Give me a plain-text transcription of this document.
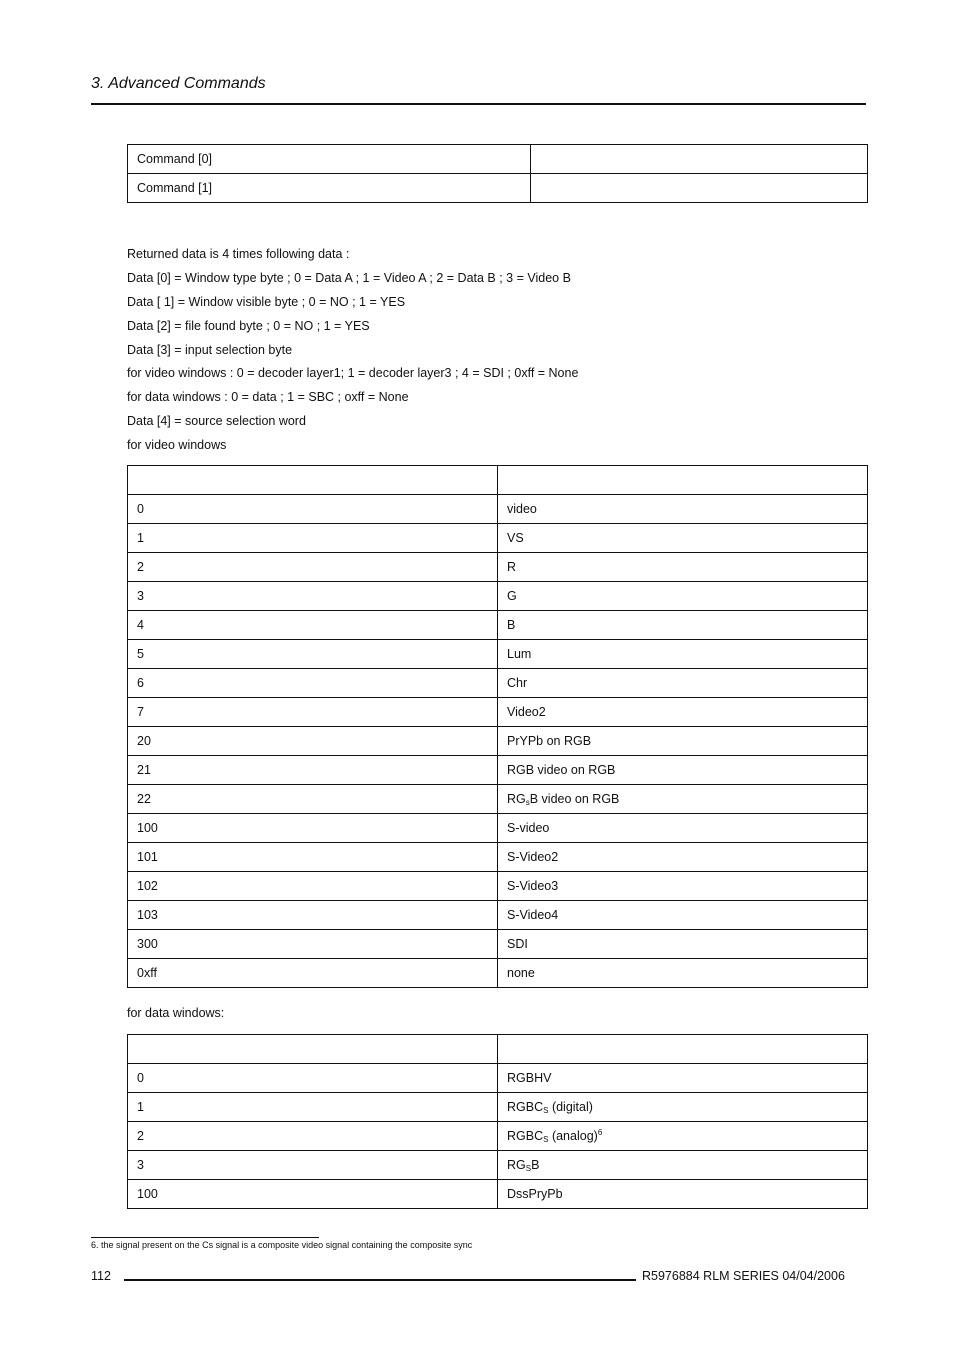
3. Advanced Commands
Command [0]	
Command [1]	

Returned data is 4 times following data :

Data [0] = Window type byte ; 0 = Data A ; 1 = Video A ; 2 = Data B ; 3 = Video B

Data [ 1] = Window visible byte ; 0 = NO ; 1 = YES

Data [2] = file found byte ; 0 = NO ; 1 = YES

Data [3] = input selection byte

for video windows : 0 = decoder layer1; 1 = decoder layer3 ; 4 = SDI ; 0xff = None

for data windows : 0 = data ; 1 = SBC ; oxff = None

Data [4] = source selection word

for video windows

0	video
1	VS
2	R
3	G
4	B
5	Lum
6	Chr
7	Video2
20	PrYPb on RGB
21	RGB video on RGB
22	$RG_sB$ video on RGB
100	S-video
101	S-Video2
102	S-Video3
103	S-Video4
300	SDI
0xff	none
for data windows:

0	RGBHV
1	$RGBC_S$ (digital)
2	$RGBC_S$ $(analog)^6$
3	$RG_SB$
100	DssPryPb
6. the signal present on the Cs signal is a composite video signal containing the composite sync
112	R5976884 RLM SERIES 04/04/2006
